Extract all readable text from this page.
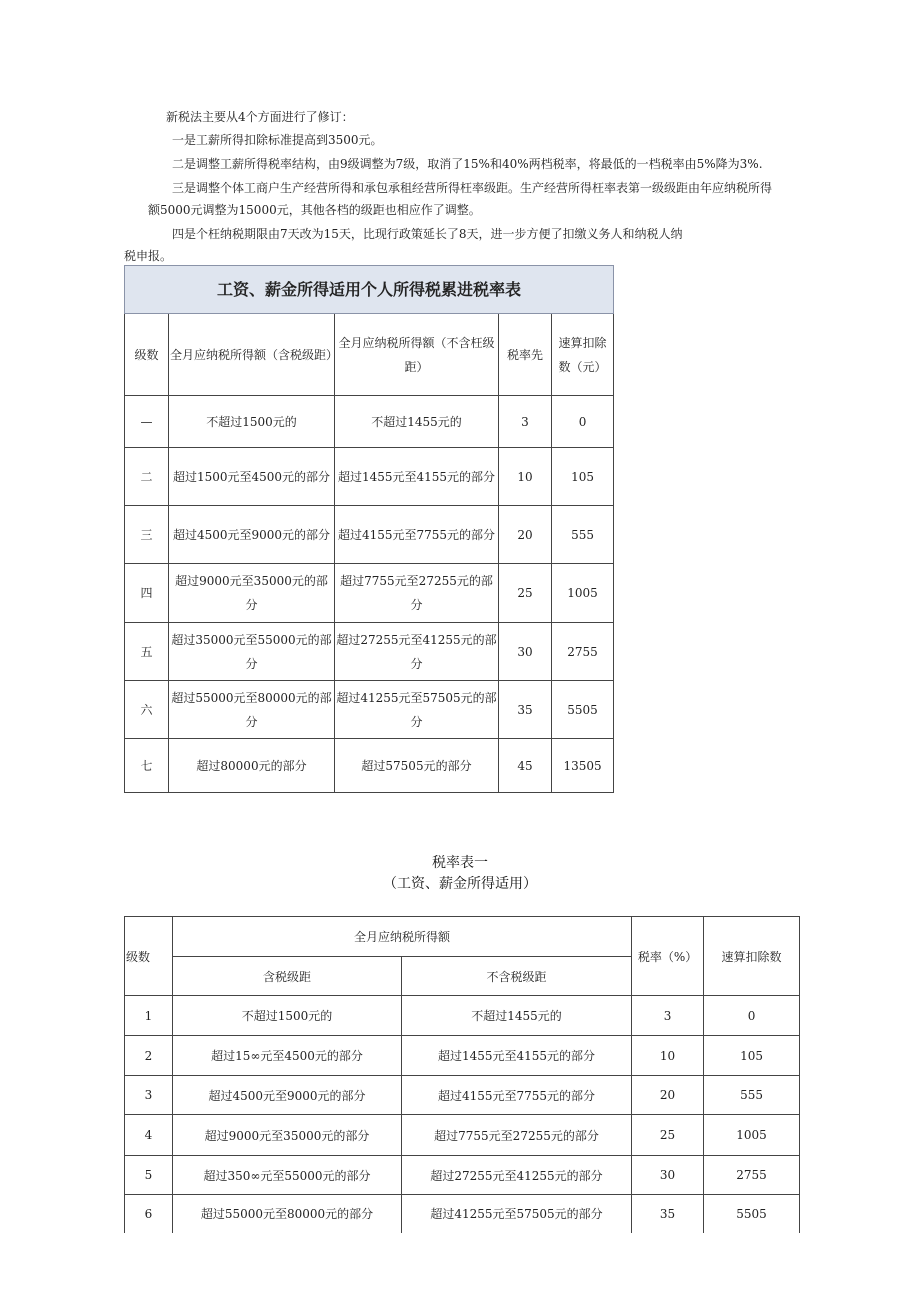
新税法主要从4个方面进行了修订：
一是工薪所得扣除标准提高到3500元。
二是调整工薪所得税率结构，由9级调整为7级，取消了15%和40%两档税率，将最低的一档税率由5%降为3%.
三是调整个体工商户生产经营所得和承包承租经营所得枉率级距。生产经营所得枉率表第一级级距由年应纳税所得
额5000元调整为15000元，其他各档的级距也相应作了调整。
四是个枉纳税期限由7天改为15天，比现行政策延长了8天，进一步方便了扣缴义务人和纳税人纳
税申报。
工资、薪金所得适用个人所得税累进税率表				
级数	全月应纳税所得额（含税级距）	全月应纳税所得额（不含枉级距）	税率先	速算扣除数（元）
—	不超过1500元的	不超过1455元的	3	0
二	超过1500元至4500元的部分	超过1455元至4155元的部分	10	105
三	超过4500元至9000元的部分	超过4155元至7755元的部分	20	555
四	超过9000元至35000元的部分	超过7755元至27255元的部分	25	1005
五	超过35000元至55000元的部分	超过27255元至41255元的部分	30	2755
六	超过55000元至80000元的部分	超过41255元至57505元的部分	35	5505
七	超过80000元的部分	超过57505元的部分	45	13505
税率表一
（工资、薪金所得适用）
级数	全月应纳税所得额		税率（%）	速算扣除数
	含税级距	不含税级距		
1	不超过1500元的	不超过1455元的	3	0
2	超过15∞元至4500元的部分	超过1455元至4155元的部分	10	105
3	超过4500元至9000元的部分	超过4155元至7755元的部分	20	555
4	超过9000元至35000元的部分	超过7755元至27255元的部分	25	1005
5	超过350∞元至55000元的部分	超过27255元至41255元的部分	30	2755
6	超过55000元至80000元的部分	超过41255元至57505元的部分	35	5505
